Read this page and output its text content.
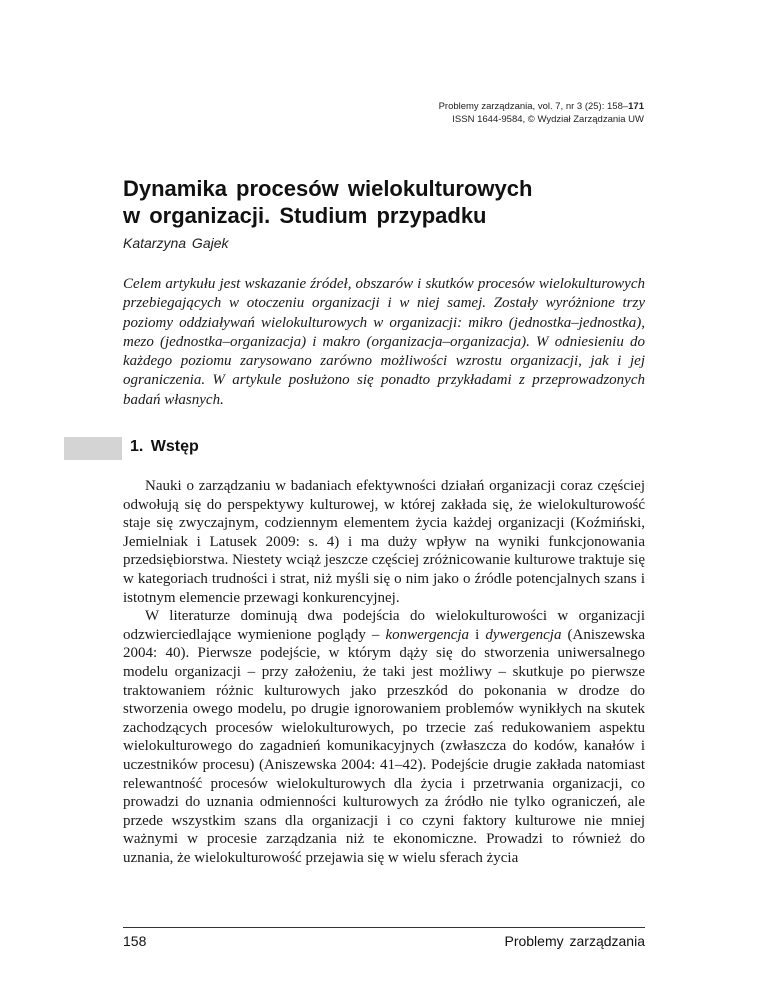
Problemy zarządzania, vol. 7, nr 3 (25): 158–171
ISSN 1644-9584, © Wydział Zarządzania UW
Dynamika procesów wielokulturowych
w organizacji. Studium przypadku
Katarzyna Gajek
Celem artykułu jest wskazanie źródeł, obszarów i skutków procesów wielokulturowych przebiegających w otoczeniu organizacji i w niej samej. Zostały wyróżnione trzy poziomy oddziaływań wielokulturowych w organizacji: mikro (jednostka–jednostka), mezo (jednostka–organizacja) i makro (organizacja–organizacja). W odniesieniu do każdego poziomu zarysowano zarówno możliwości wzrostu organizacji, jak i jej ograniczenia. W artykule posłużono się ponadto przykładami z przeprowadzonych badań własnych.
1. Wstęp

Nauki o zarządzaniu w badaniach efektywności działań organizacji coraz częściej odwołują się do perspektywy kulturowej, w której zakłada się, że wielokulturowość staje się zwyczajnym, codziennym elementem życia każdej organizacji (Koźmiński, Jemielniak i Latusek 2009: s. 4) i ma duży wpływ na wyniki funkcjonowania przedsiębiorstwa. Niestety wciąż jeszcze częściej zróżnicowanie kulturowe traktuje się w kategoriach trudności i strat, niż myśli się o nim jako o źródle potencjalnych szans i istotnym elemencie przewagi konkurencyjnej.

W literaturze dominują dwa podejścia do wielokulturowości w organizacji odzwierciedlające wymienione poglądy – konwergencja i dywergencja (Aniszewska 2004: 40). Pierwsze podejście, w którym dąży się do stworzenia uniwersalnego modelu organizacji – przy założeniu, że taki jest możliwy – skutkuje po pierwsze traktowaniem różnic kulturowych jako przeszkód do pokonania w drodze do stworzenia owego modelu, po drugie ignorowaniem problemów wynikłych na skutek zachodzących procesów wielokulturowych, po trzecie zaś redukowaniem aspektu wielokulturowego do zagadnień komunikacyjnych (zwłaszcza do kodów, kanałów i uczestników procesu) (Aniszewska 2004: 41–42). Podejście drugie zakłada natomiast relewantność procesów wielokulturowych dla życia i przetrwania organizacji, co prowadzi do uznania odmienności kulturowych za źródło nie tylko ograniczeń, ale przede wszystkim szans dla organizacji i co czyni faktory kulturowe nie mniej ważnymi w procesie zarządzania niż te ekonomiczne. Prowadzi to również do uznania, że wielokulturowość przejawia się w wielu sferach życia

158	Problemy zarządzania
